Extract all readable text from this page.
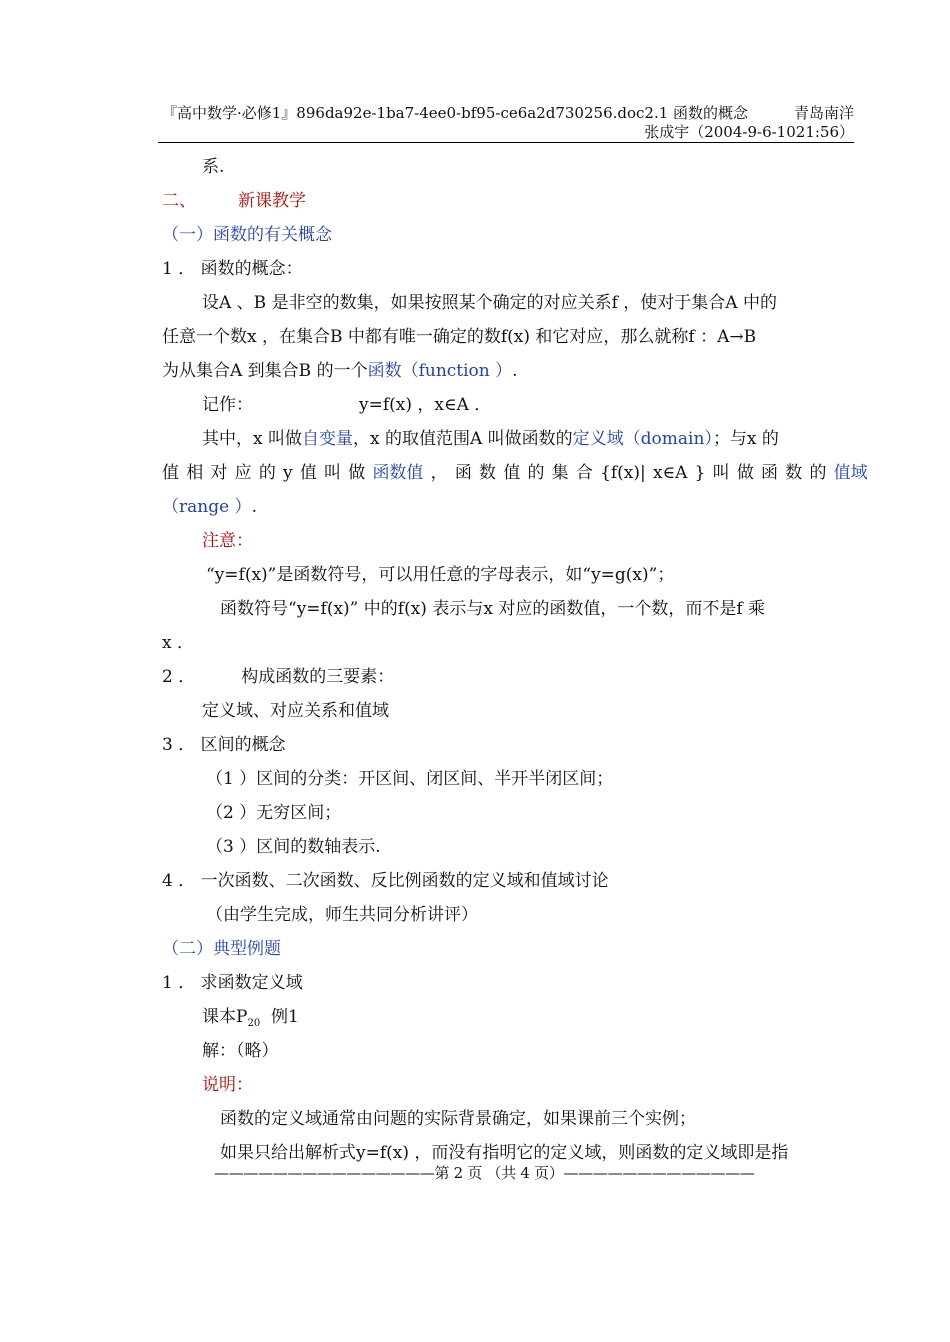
『高中数学·必修1』896da92e-1ba7-4ee0-bf95-ce6a2d730256.doc2.1 函数的概念	青岛南洋
张成宇（2004-9-6-1021:56）
系.
二、 新课教学
（一）函数的有关概念
1 ． 函数的概念：
设A 、B 是非空的数集，如果按照某个确定的对应关系f ，使对于集合A 中的
任意一个数x ，在集合B 中都有唯一确定的数f(x) 和它对应，那么就称f ：A→B
为从集合A 到集合B 的一个函数（function ）.
记作：	y=f(x) ，x∈A ．
其中，x 叫做自变量，x 的取值范围A 叫做函数的定义域（domain）；与x 的
值 相 对 应 的 y 值 叫 做 函数值 ， 函 数 值 的 集 合 {f(x)| x∈A } 叫 做 函 数 的 值域
（range ）.
注意：
“y=f(x)”是函数符号，可以用任意的字母表示，如“y=g(x)”；
函数符号“y=f(x)” 中的f(x) 表示与x 对应的函数值，一个数，而不是f 乘
x ．
2 ．	构成函数的三要素：
定义域、对应关系和值域
3 ． 区间的概念
（1 ）区间的分类：开区间、闭区间、半开半闭区间；
（2 ）无穷区间；
（3 ）区间的数轴表示.
4 ． 一次函数、二次函数、反比例函数的定义域和值域讨论
（由学生完成，师生共同分析讲评）
（二）典型例题
1 ． 求函数定义域
课本$P_{20}$  例1
解：（略）
说明：
函数的定义域通常由问题的实际背景确定，如果课前三个实例；
如果只给出解析式y=f(x) ，而没有指明它的定义域，则函数的定义域即是指
———————————————第 2 页 （共 4 页）—————————————
